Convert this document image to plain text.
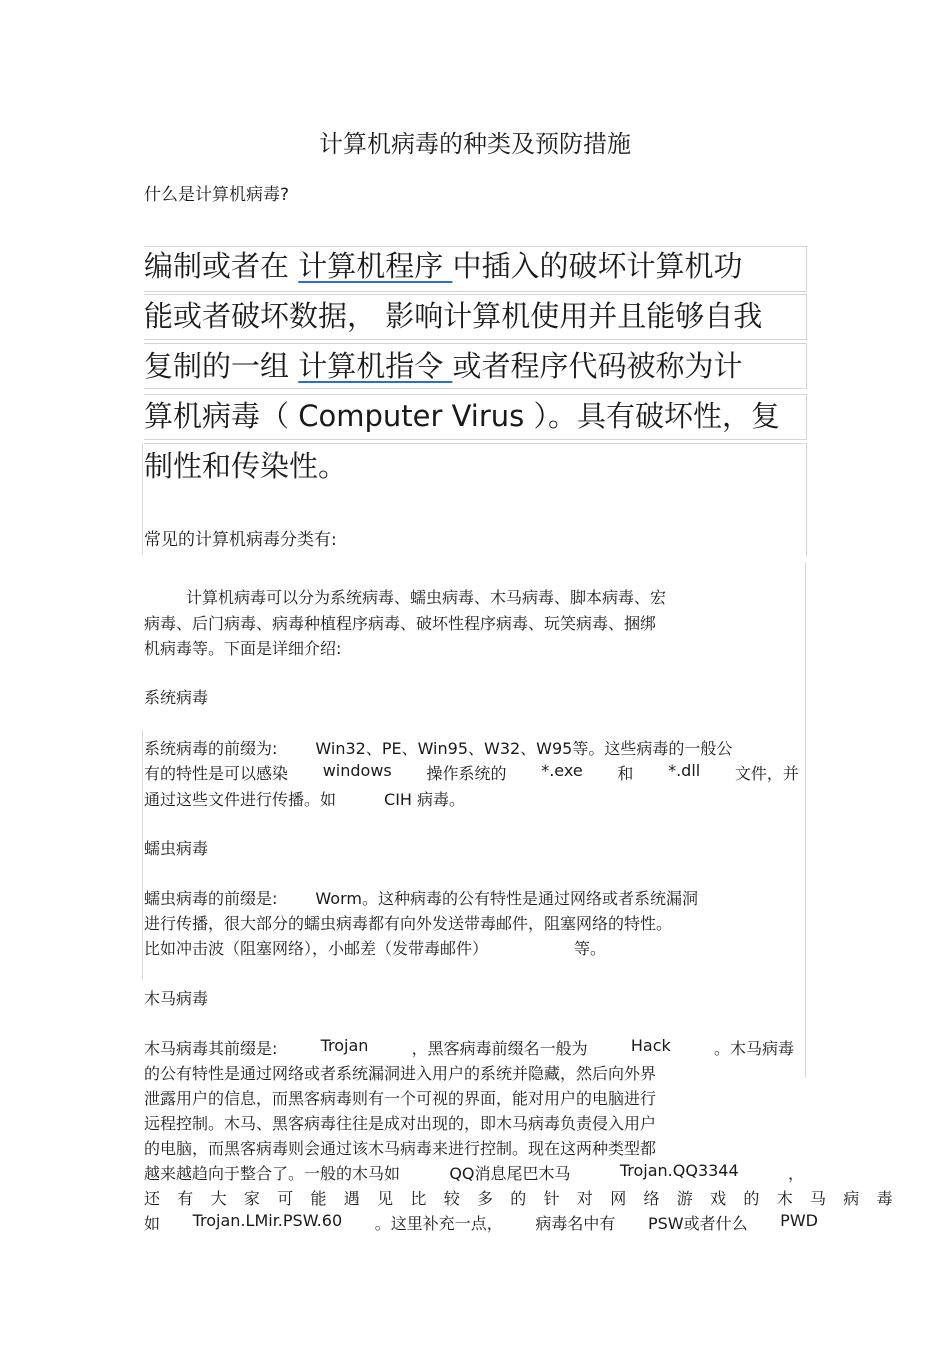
计算机病毒的种类及预防措施
什么是计算机病毒?
编制或者在 计算机程序 中插入的破坏计算机功
能或者破坏数据， 影响计算机使用并且能够自我
复制的一组 计算机指令 或者程序代码被称为计
算机病毒（ Computer Virus ）。具有破坏性，复
制性和传染性。
常见的计算机病毒分类有:
计算机病毒可以分为系统病毒、蠕虫病毒、木马病毒、脚本病毒、宏
病毒、后门病毒、病毒种植程序病毒、破坏性程序病毒、玩笑病毒、捆绑
机病毒等。下面是详细介绍:
系统病毒
系统病毒的前缀为: Win32、PE、Win95、W32、W95等。这些病毒的一般公
有的特性是可以感染 windows 操作系统的 *.exe 和 *.dll 文件，并
通过这些文件进行传播。如	CIH 病毒。
蠕虫病毒
蠕虫病毒的前缀是: Worm。这种病毒的公有特性是通过网络或者系统漏洞
进行传播，很大部分的蠕虫病毒都有向外发送带毒邮件，阻塞网络的特性。
比如冲击波（阻塞网络），小邮差（发带毒邮件）	等。
木马病毒
木马病毒其前缀是:	Trojan	，黑客病毒前缀名一般为	Hack	。木马病毒
的公有特性是通过网络或者系统漏洞进入用户的系统并隐藏，然后向外界
泄露用户的信息，而黑客病毒则有一个可视的界面，能对用户的电脑进行
远程控制。木马、黑客病毒往往是成对出现的，即木马病毒负责侵入用户
的电脑，而黑客病毒则会通过该木马病毒来进行控制。现在这两种类型都
越来越趋向于整合了。一般的木马如	QQ消息尾巴木马	Trojan.QQ3344	，
还有大家可能遇见比较多的针对网络游戏的木马病毒
如 Trojan.LMir.PSW.60 。这里补充一点， 病毒名中有 PSW或者什么 PWD
